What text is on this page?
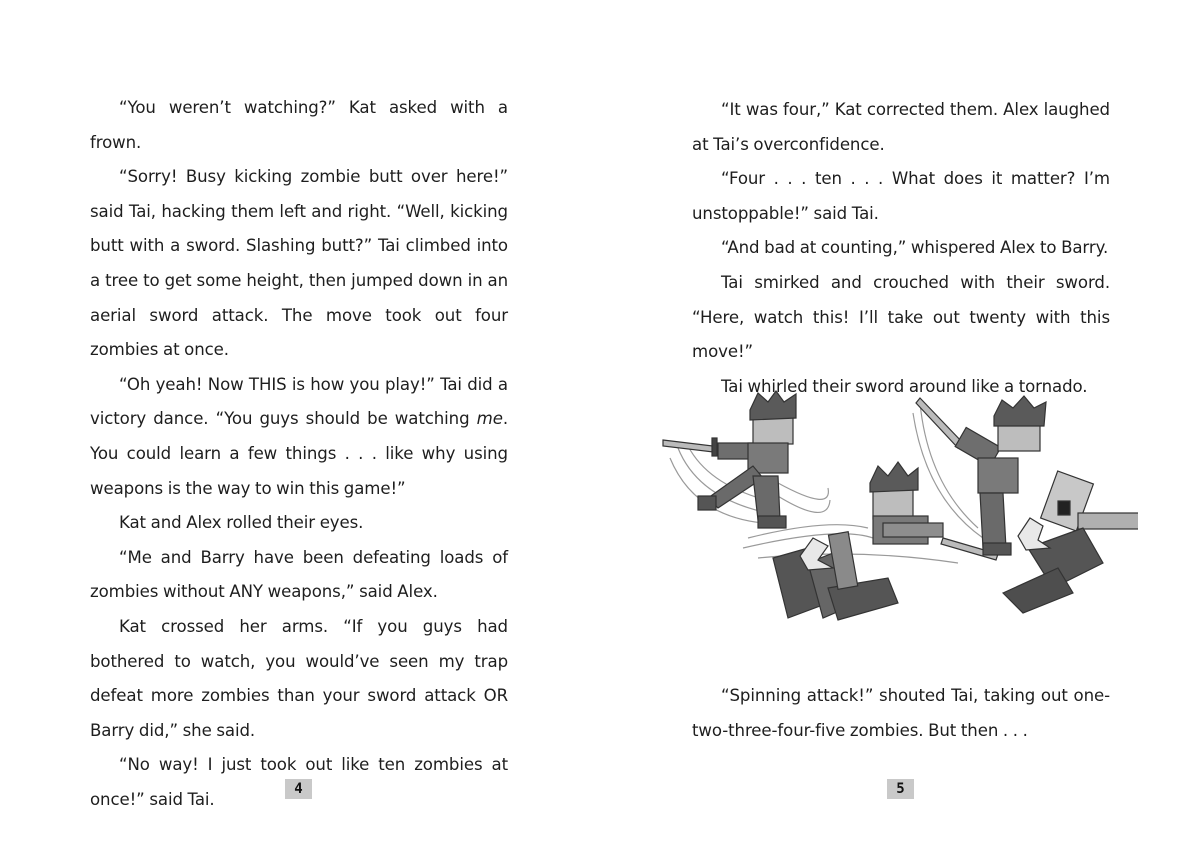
“You weren’t watching?” Kat asked with a frown.

“Sorry! Busy kicking zombie butt over here!” said Tai, hacking them left and right. “Well, kicking butt with a sword. Slashing butt?” Tai climbed into a tree to get some height, then jumped down in an aerial sword attack. The move took out four zombies at once.

“Oh yeah! Now THIS is how you play!” Tai did a victory dance. “You guys should be watching me. You could learn a few things . . . like why using weapons is the way to win this game!”

Kat and Alex rolled their eyes.

“Me and Barry have been defeating loads of zombies without ANY weapons,” said Alex.

Kat crossed her arms. “If you guys had bothered to watch, you would’ve seen my trap defeat more zombies than your sword attack OR Barry did,” she said.

“No way! I just took out like ten zombies at once!” said Tai.

4

“It was four,” Kat corrected them. Alex laughed at Tai’s overconfidence.

“Four . . . ten . . . What does it matter? I’m unstoppable!” said Tai.

“And bad at counting,” whispered Alex to Barry.

Tai smirked and crouched with their sword. “Here, watch this! I’ll take out twenty with this move!”

Tai whirled their sword around like a tornado.

“Spinning attack!” shouted Tai, taking out one-two-three-four-five zombies. But then . . .

5
